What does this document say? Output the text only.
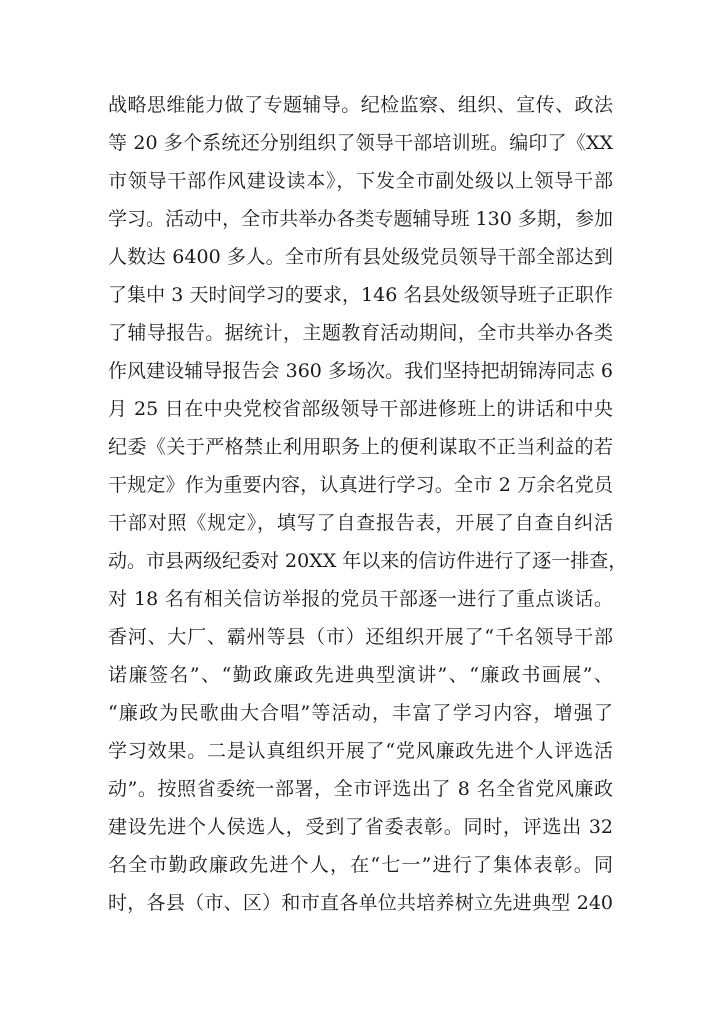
战略思维能力做了专题辅导。纪检监察、组织、宣传、政法
等 20 多个系统还分别组织了领导干部培训班。编印了《XX
市领导干部作风建设读本》，下发全市副处级以上领导干部
学习。活动中，全市共举办各类专题辅导班 130 多期，参加
人数达 6400 多人。全市所有县处级党员领导干部全部达到
了集中 3 天时间学习的要求，146 名县处级领导班子正职作
了辅导报告。据统计，主题教育活动期间，全市共举办各类
作风建设辅导报告会 360 多场次。我们坚持把胡锦涛同志 6
月 25 日在中央党校省部级领导干部进修班上的讲话和中央
纪委《关于严格禁止利用职务上的便利谋取不正当利益的若
干规定》作为重要内容，认真进行学习。全市 2 万余名党员
干部对照《规定》，填写了自查报告表，开展了自查自纠活
动。市县两级纪委对 20XX 年以来的信访件进行了逐一排查，
对 18 名有相关信访举报的党员干部逐一进行了重点谈话。
香河、大厂、霸州等县（市）还组织开展了“千名领导干部
诺廉签名”、“勤政廉政先进典型演讲”、“廉政书画展”、
“廉政为民歌曲大合唱”等活动，丰富了学习内容，增强了
学习效果。二是认真组织开展了“党风廉政先进个人评选活
动”。按照省委统一部署，全市评选出了 8 名全省党风廉政
建设先进个人侯选人，受到了省委表彰。同时，评选出 32
名全市勤政廉政先进个人，在“七一”进行了集体表彰。同
时，各县（市、区）和市直各单位共培养树立先进典型 240
